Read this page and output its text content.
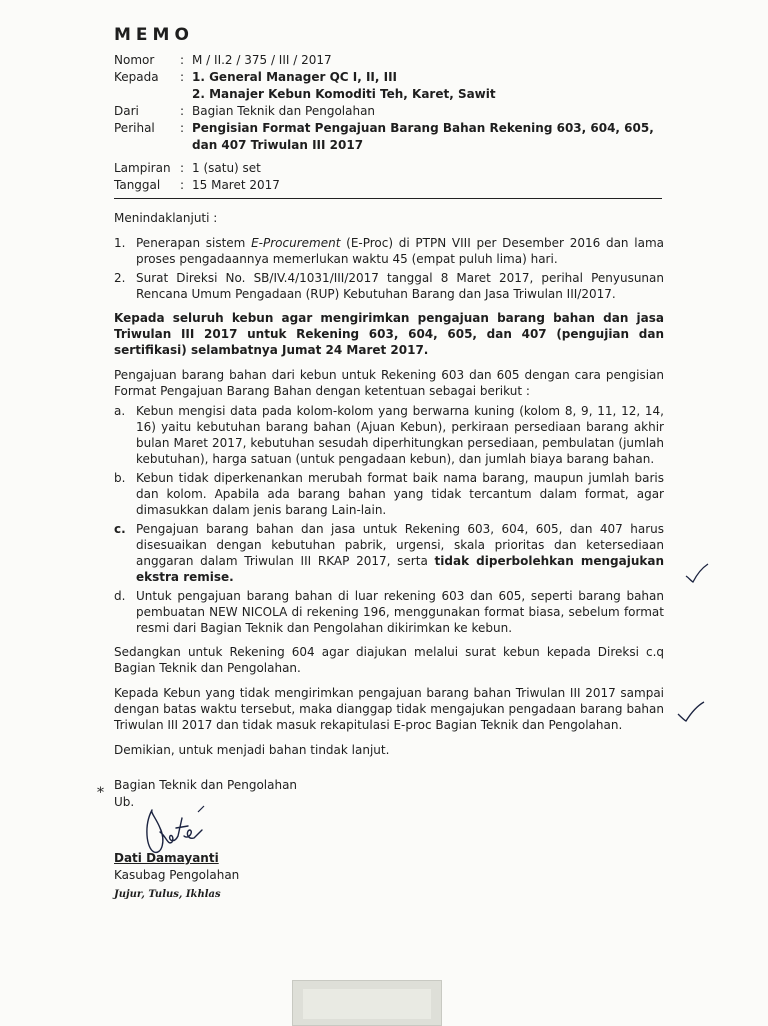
MEMO
Nomor	: M / II.2 / 375 / III / 2017
Kepada	: 1. General Manager QC I, II, III
2. Manajer Kebun Komoditi Teh, Karet, Sawit
Dari	: Bagian Teknik dan Pengolahan
Perihal	: Pengisian Format Pengajuan Barang Bahan Rekening 603, 604, 605,
dan 407 Triwulan III 2017
Lampiran : 1 (satu) set
Tanggal	: 15 Maret 2017

Menindaklanjuti :

1. Penerapan sistem E-Procurement (E-Proc) di PTPN VIII per Desember 2016 dan lama proses pengadaannya memerlukan waktu 45 (empat puluh lima) hari.
2. Surat Direksi No. SB/IV.4/1031/III/2017 tanggal 8 Maret 2017, perihal Penyusunan Rencana Umum Pengadaan (RUP) Kebutuhan Barang dan Jasa Triwulan III/2017.

Kepada seluruh kebun agar mengirimkan pengajuan barang bahan dan jasa Triwulan III 2017 untuk Rekening 603, 604, 605, dan 407 (pengujian dan sertifikasi) selambatnya Jumat 24 Maret 2017.

Pengajuan barang bahan dari kebun untuk Rekening 603 dan 605 dengan cara pengisian Format Pengajuan Barang Bahan dengan ketentuan sebagai berikut :

a. Kebun mengisi data pada kolom-kolom yang berwarna kuning (kolom 8, 9, 11, 12, 14, 16) yaitu kebutuhan barang bahan (Ajuan Kebun), perkiraan persediaan barang akhir bulan Maret 2017, kebutuhan sesudah diperhitungkan persediaan, pembulatan (jumlah kebutuhan), harga satuan (untuk pengadaan kebun), dan jumlah biaya barang bahan.
b. Kebun tidak diperkenankan merubah format baik nama barang, maupun jumlah baris dan kolom. Apabila ada barang bahan yang tidak tercantum dalam format, agar dimasukkan dalam jenis barang Lain-lain.
c. Pengajuan barang bahan dan jasa untuk Rekening 603, 604, 605, dan 407 harus disesuaikan dengan kebutuhan pabrik, urgensi, skala prioritas dan ketersediaan anggaran dalam Triwulan III RKAP 2017, serta tidak diperbolehkan mengajukan ekstra remise.
d. Untuk pengajuan barang bahan di luar rekening 603 dan 605, seperti barang bahan pembuatan NEW NICOLA di rekening 196, menggunakan format biasa, sebelum format resmi dari Bagian Teknik dan Pengolahan dikirimkan ke kebun.

Sedangkan untuk Rekening 604 agar diajukan melalui surat kebun kepada Direksi c.q Bagian Teknik dan Pengolahan.

Kepada Kebun yang tidak mengirimkan pengajuan barang bahan Triwulan III 2017 sampai dengan batas waktu tersebut, maka dianggap tidak mengajukan pengadaan barang bahan Triwulan III 2017 dan tidak masuk rekapitulasi E-proc Bagian Teknik dan Pengolahan.

Demikian, untuk menjadi bahan tindak lanjut.

* Bagian Teknik dan Pengolahan
Ub.
Dati Damayanti
Kasubag Pengolahan
Jujur, Tulus, Ikhlas
